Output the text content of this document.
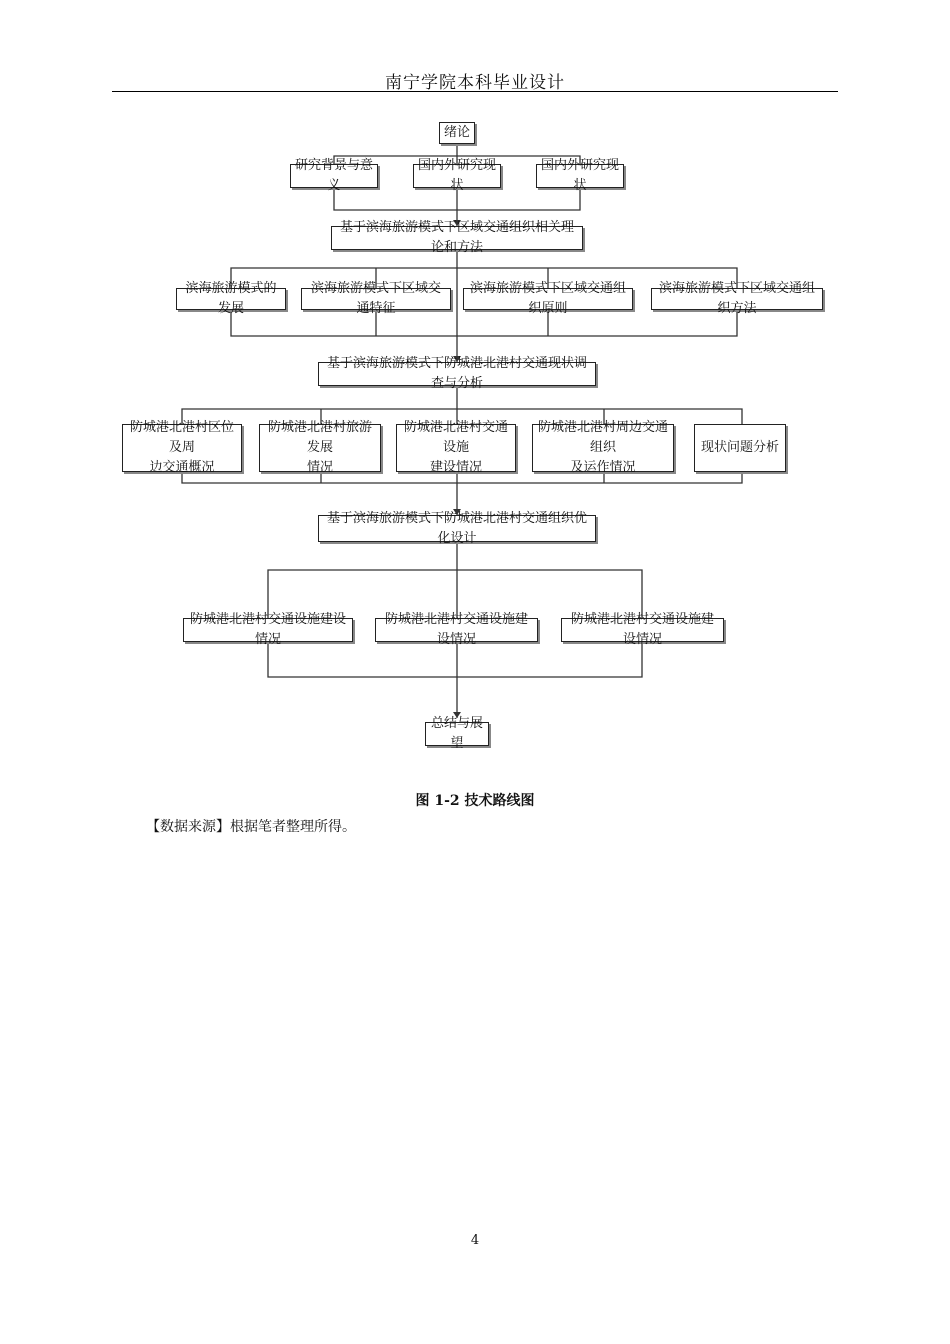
南宁学院本科毕业设计
绪论
研究背景与意义
国内外研究现状
国内外研究现状
基于滨海旅游模式下区域交通组织相关理论和方法
滨海旅游模式的发展
滨海旅游模式下区域交通特征
滨海旅游模式下区域交通组织原则
滨海旅游模式下区域交通组织方法
基于滨海旅游模式下防城港北港村交通现状调查与分析
防城港北港村区位及周
边交通概况
防城港北港村旅游发展
情况
防城港北港村交通设施
建设情况
防城港北港村周边交通组织
及运作情况
现状问题分析
基于滨海旅游模式下防城港北港村交通组织优化设计
防城港北港村交通设施建设情况
防城港北港村交通设施建设情况
防城港北港村交通设施建设情况
总结与展望
图 1-2 技术路线图
【数据来源】根据笔者整理所得。
4
